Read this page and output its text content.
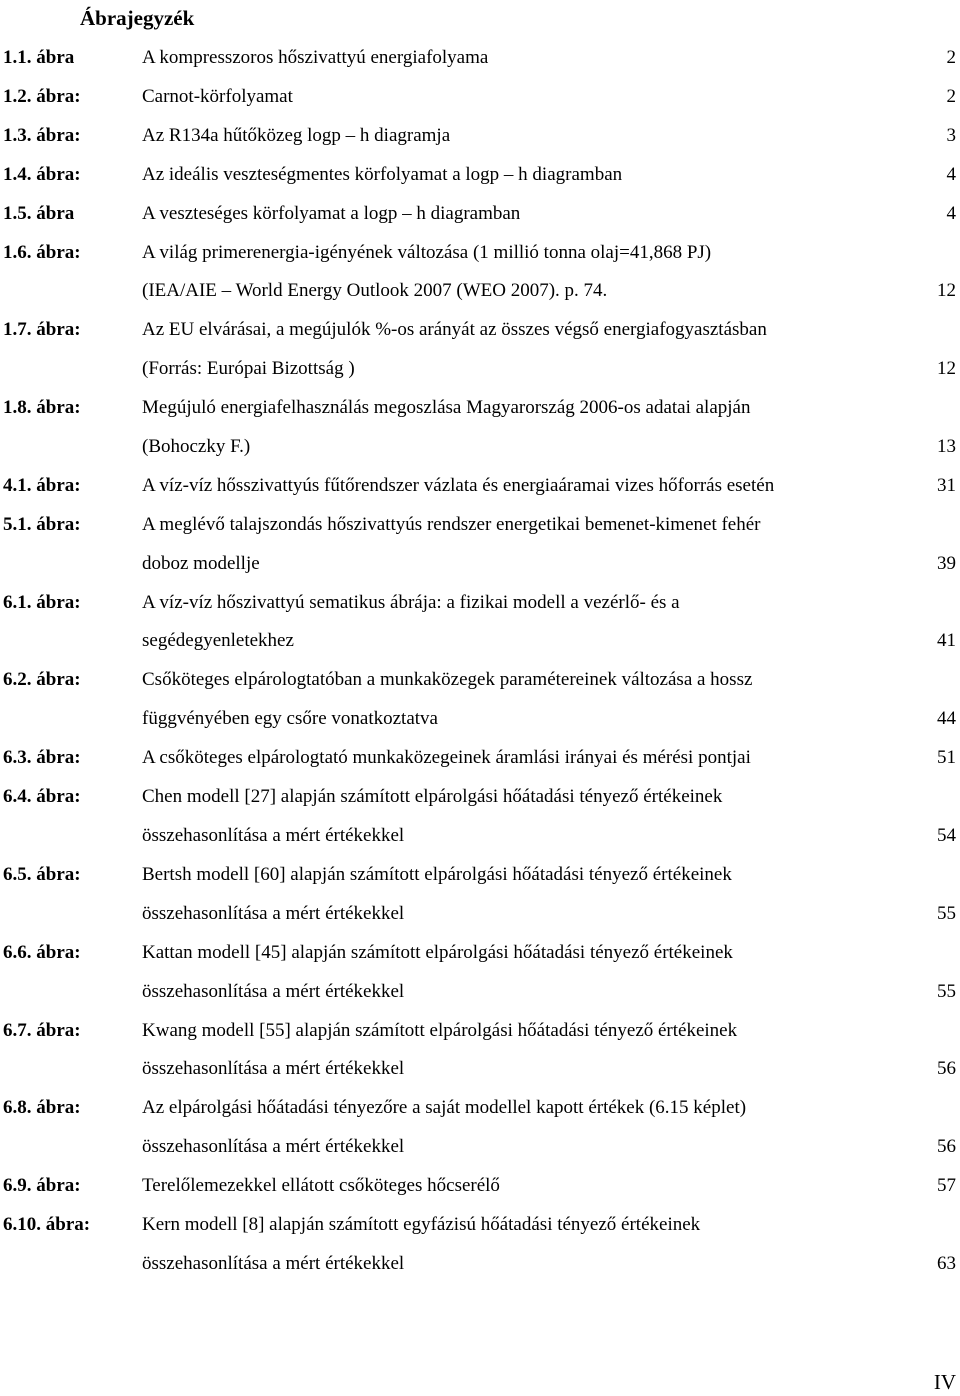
Ábrajegyzék
1.1. ábra	A kompresszoros hőszivattyú energiafolyama	2
1.2. ábra:	Carnot-körfolyamat	2
1.3. ábra:	Az R134a hűtőközeg logp – h diagramja	3
1.4. ábra:	Az ideális veszteségmentes körfolyamat a logp – h diagramban	4
1.5. ábra	A veszteséges körfolyamat a logp – h diagramban	4
1.6. ábra:	A világ primerenergia-igényének változása (1 millió tonna olaj=41,868 PJ)
(IEA/AIE – World Energy Outlook 2007 (WEO 2007). p. 74.	12
1.7. ábra:	Az EU elvárásai, a megújulók %-os arányát az összes végső energiafogyasztásban
(Forrás: Európai Bizottság )	12
1.8. ábra:	Megújuló energiafelhasználás megoszlása Magyarország 2006-os adatai alapján
(Bohoczky F.)	13
4.1. ábra:	A víz-víz hősszivattyús fűtőrendszer vázlata és energiaáramai vizes hőforrás esetén	31
5.1. ábra:	A meglévő talajszondás hőszivattyús rendszer energetikai bemenet-kimenet fehér
doboz modellje	39
6.1. ábra:	A víz-víz hőszivattyú sematikus ábrája: a fizikai modell a vezérlő- és a
segédegyenletekhez	41
6.2. ábra:	Csőköteges elpárologtatóban a munkaközegek paramétereinek változása a hossz
függvényében egy csőre vonatkoztatva	44
6.3. ábra:	A csőköteges elpárologtató munkaközegeinek áramlási irányai és mérési pontjai	51
6.4. ábra:	Chen modell [27] alapján számított elpárolgási hőátadási tényező értékeinek
összehasonlítása a mért értékekkel	54
6.5. ábra:	Bertsh modell [60] alapján számított elpárolgási hőátadási tényező értékeinek
összehasonlítása a mért értékekkel	55
6.6. ábra:	Kattan modell [45] alapján számított elpárolgási hőátadási tényező értékeinek
összehasonlítása a mért értékekkel	55
6.7. ábra:	Kwang modell [55] alapján számított elpárolgási hőátadási tényező értékeinek
összehasonlítása a mért értékekkel	56
6.8. ábra:	Az elpárolgási hőátadási tényezőre a saját modellel kapott értékek (6.15 képlet)
összehasonlítása a mért értékekkel	56
6.9. ábra:	Terelőlemezekkel ellátott csőköteges hőcserélő	57
6.10. ábra:	Kern modell [8] alapján számított egyfázisú hőátadási tényező értékeinek
összehasonlítása a mért értékekkel	63
IV
